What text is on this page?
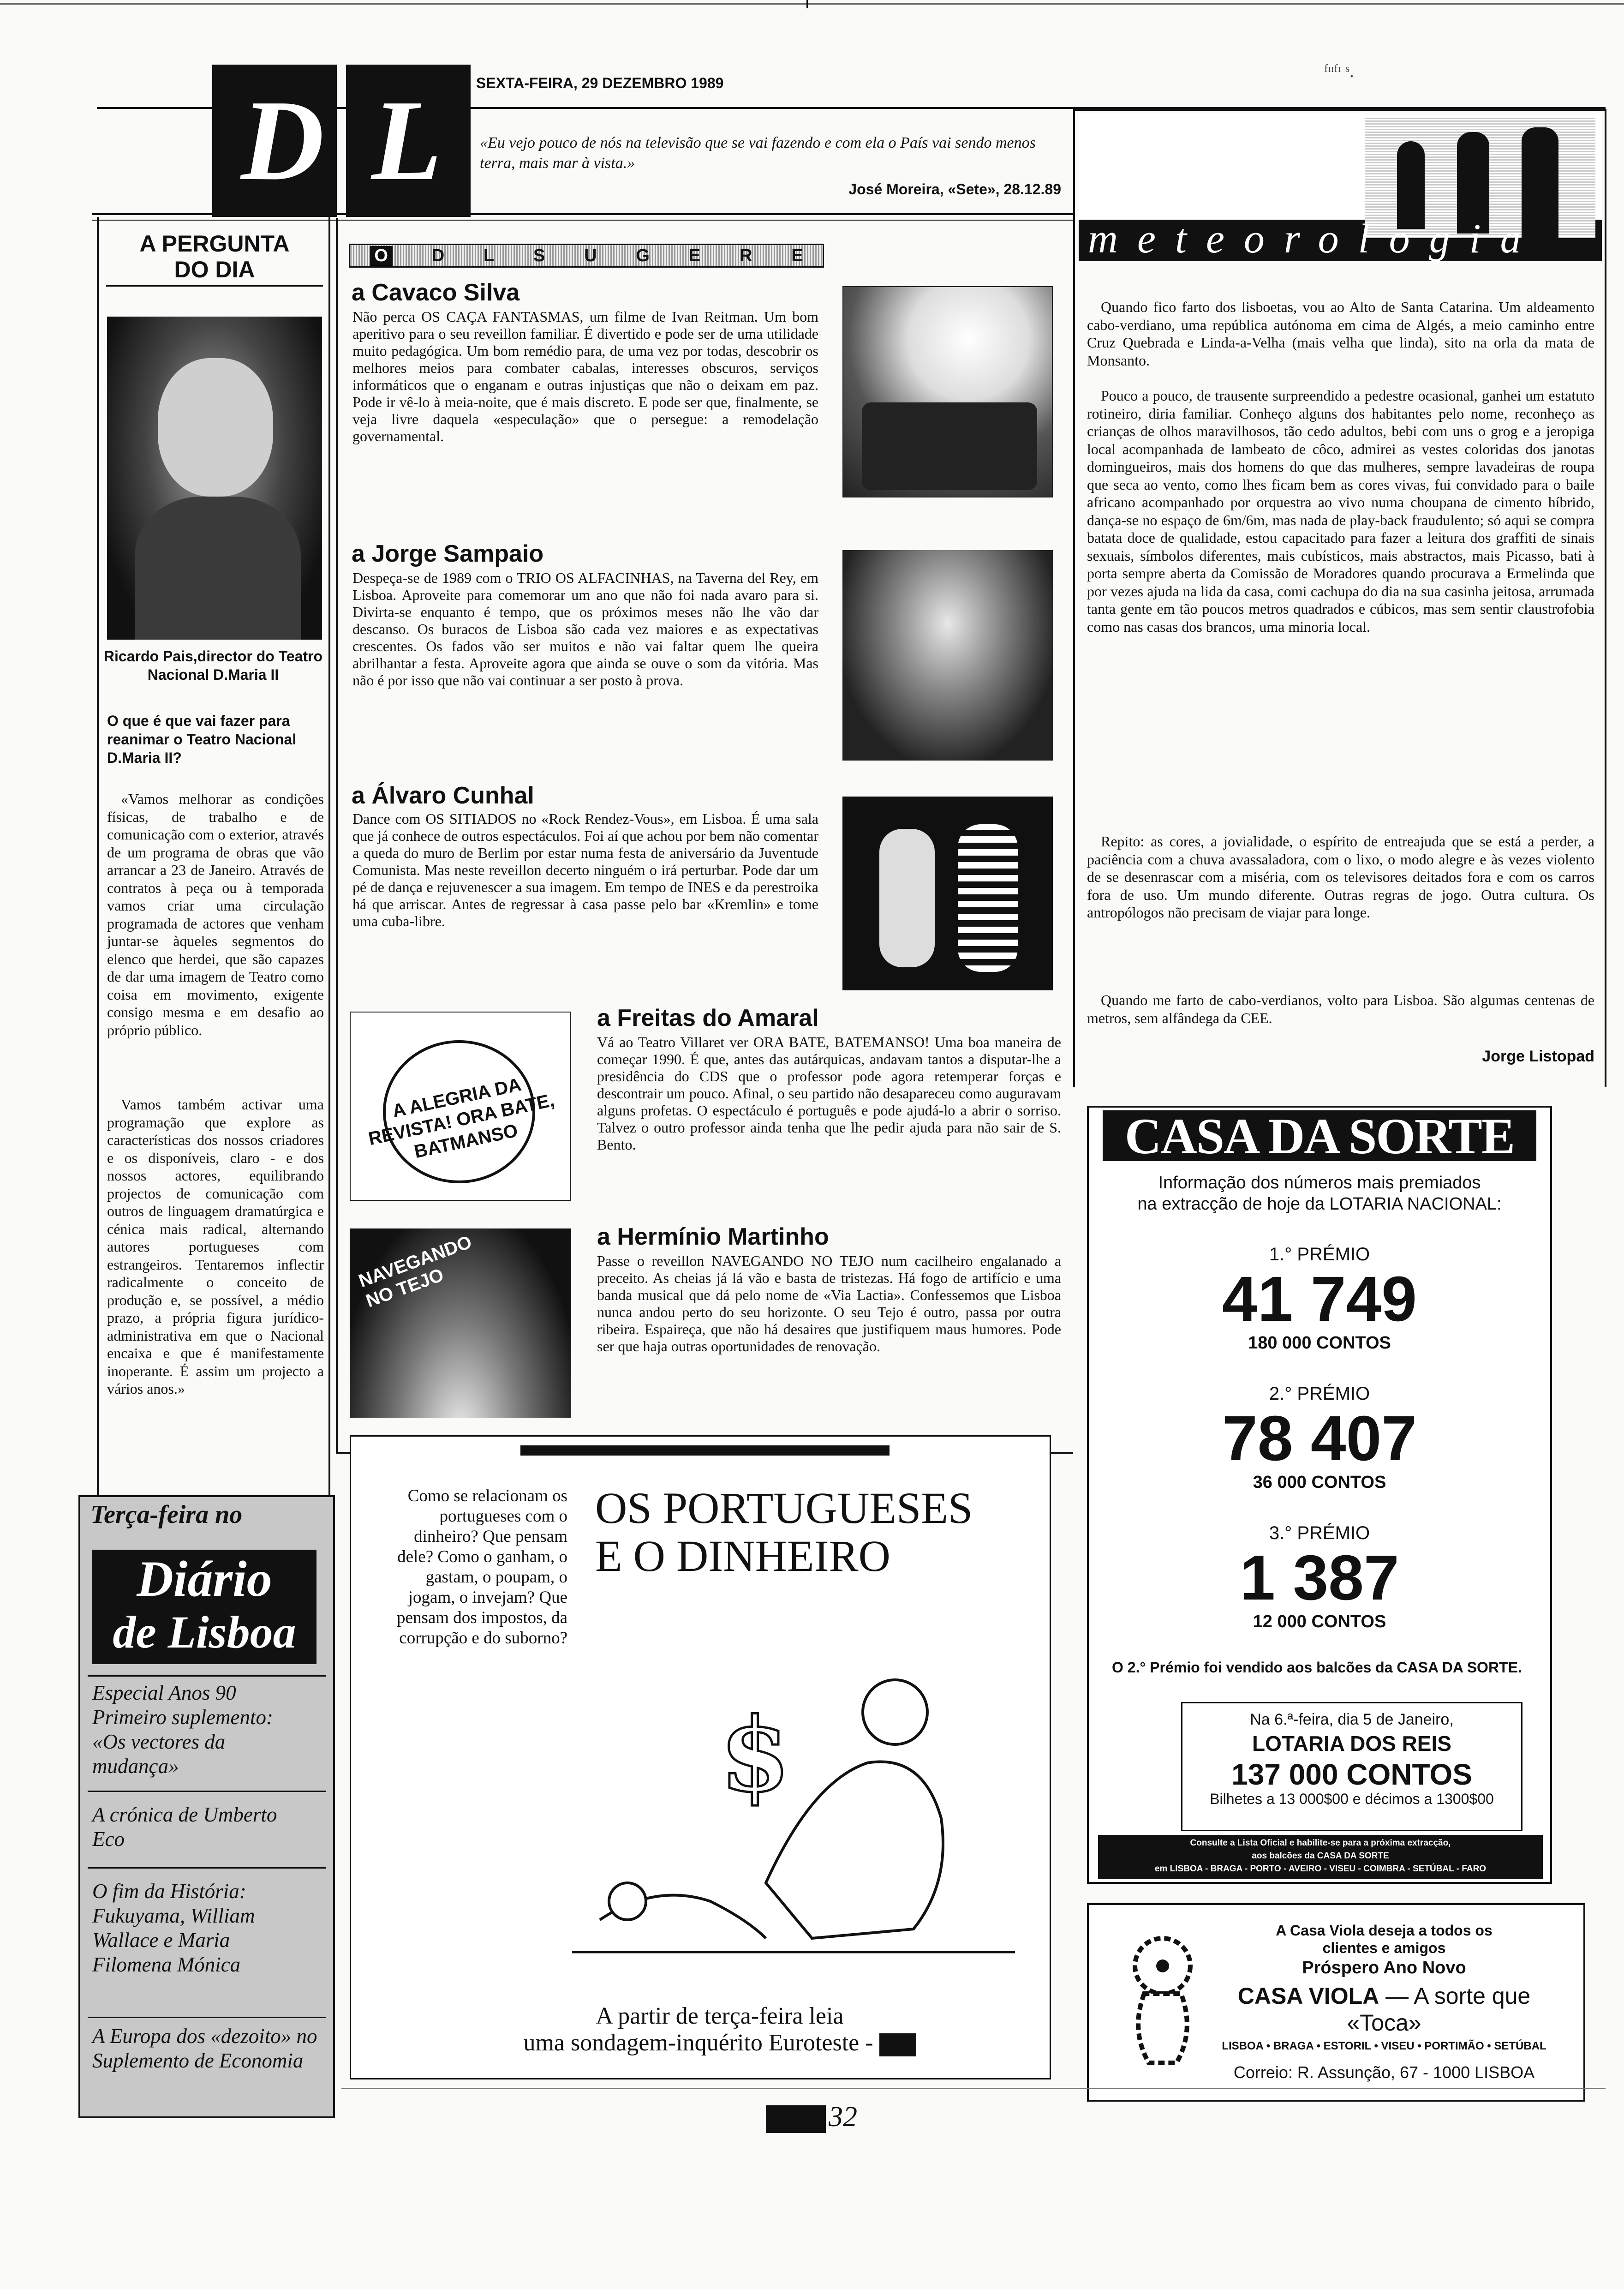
D L	SEXTA-FEIRA, 29 DEZEMBRO 1989
ᶠᶦᶦᶠᶦ ˢ.
«Eu vejo pouco de nós na televisão que se vai fazendo e com ela o País vai sendo menos terra, mais mar à vista.»
José Moreira, «Sete», 28.12.89
A PERGUNTA
DO DIA
Ricardo Pais,director do Teatro Nacional D.Maria II
O que é que vai fazer para reanimar o Teatro Nacional D.Maria II?
«Vamos melhorar as condições físicas, de trabalho e de comunicação com o exterior, através de um programa de obras que vão arrancar a 23 de Janeiro. Através de contratos à peça ou à temporada vamos criar uma circulação programada de actores que venham juntar-se àqueles segmentos do elenco que herdei, que são capazes de dar uma imagem de Teatro como coisa em movimento, exigente consigo mesma e em desafio ao próprio público.
Vamos também activar uma programação que explore as características dos nossos criadores e os disponíveis, claro - e dos nossos actores, equilibrando projectos de comunicação com outros de linguagem dramatúrgica e cénica mais radical, alternando autores portugueses com estrangeiros. Tentaremos inflectir radicalmente o conceito de produção e, se possível, a médio prazo, a própria figura jurídico-administrativa em que o Nacional encaixa e que é manifestamente inoperante. É assim um projecto a vários anos.»
Terça-feira no
Diário
de Lisboa
Especial Anos 90 Primeiro suplemento: «Os vectores da mudança»
A crónica de Umberto Eco
O fim da História: Fukuyama, William Wallace e Maria Filomena Mónica
A Europa dos «dezoito» no Suplemento de Economia
O D L S U G E R E
a Cavaco Silva
Não perca OS CAÇA FANTASMAS, um filme de Ivan Reitman. Um bom aperitivo para o seu reveillon familiar. É divertido e pode ser de uma utilidade muito pedagógica. Um bom remédio para, de uma vez por todas, descobrir os melhores meios para combater cabalas, interesses obscuros, serviços informáticos que o enganam e outras injustiças que não o deixam em paz. Pode ir vê-lo à meia-noite, que é mais discreto. E pode ser que, finalmente, se veja livre daquela «especulação» que o persegue: a remodelação governamental.
a Jorge Sampaio
Despeça-se de 1989 com o TRIO OS ALFACINHAS, na Taverna del Rey, em Lisboa. Aproveite para comemorar um ano que não foi nada avaro para si. Divirta-se enquanto é tempo, que os próximos meses não lhe vão dar descanso. Os buracos de Lisboa são cada vez maiores e as expectativas crescentes. Os fados vão ser muitos e não vai faltar quem lhe queira abrilhantar a festa. Aproveite agora que ainda se ouve o som da vitória. Mas não é por isso que não vai continuar a ser posto à prova.
a Álvaro Cunhal
Dance com OS SITIADOS no «Rock Rendez-Vous», em Lisboa. É uma sala que já conhece de outros espectáculos. Foi aí que achou por bem não comentar a queda do muro de Berlim por estar numa festa de aniversário da Juventude Comunista. Mas neste reveillon decerto ninguém o irá perturbar. Pode dar um pé de dança e rejuvenescer a sua imagem. Em tempo de INES e da perestroika há que arriscar. Antes de regressar à casa passe pelo bar «Kremlin» e tome uma cuba-libre.
A ALEGRIA DA REVISTA! ORA BATE, BATMANSO
a Freitas do Amaral
Vá ao Teatro Villaret ver ORA BATE, BATEMANSO! Uma boa maneira de começar 1990. É que, antes das autárquicas, andavam tantos a disputar-lhe a presidência do CDS que o professor pode agora retemperar forças e descontrair um pouco. Afinal, o seu partido não desapareceu como auguravam alguns profetas. O espectáculo é português e pode ajudá-lo a abrir o sorriso. Talvez o outro professor ainda tenha que lhe pedir ajuda para não sair de S. Bento.
NAVEGANDO NO TEJO
a Hermínio Martinho
Passe o reveillon NAVEGANDO NO TEJO num cacilheiro engalanado a preceito. As cheias já lá vão e basta de tristezas. Há fogo de artifício e uma banda musical que dá pelo nome de «Via Lactia». Confessemos que Lisboa nunca andou perto do seu horizonte. O seu Tejo é outro, passa por outra ribeira. Espaireça, que não há desaires que justifiquem maus humores. Pode ser que haja outras oportunidades de renovação.
Como se relacionam os portugueses com o dinheiro? Que pensam dele? Como o ganham, o gastam, o poupam, o jogam, o invejam? Que pensam dos impostos, da corrupção e do suborno?
OS PORTUGUESES
E O DINHEIRO
$
A partir de terça-feira leia
uma sondagem-inquérito Euroteste -
meteorologia
Quando fico farto dos lisboetas, vou ao Alto de Santa Catarina. Um aldeamento cabo-verdiano, uma república autónoma em cima de Algés, a meio caminho entre Cruz Quebrada e Linda-a-Velha (mais velha que linda), sito na orla da mata de Monsanto.
Pouco a pouco, de trausente surpreendido a pedestre ocasional, ganhei um estatuto rotineiro, diria familiar. Conheço alguns dos habitantes pelo nome, reconheço as crianças de olhos maravilhosos, tão cedo adultos, bebi com uns o grog e a jeropiga local acompanhada de lambeato de côco, admirei as vestes coloridas dos janotas domingueiros, mais dos homens do que das mulheres, sempre lavadeiras de roupa que seca ao vento, como lhes ficam bem as cores vivas, fui convidado para o baile africano acompanhado por orquestra ao vivo numa choupana de cimento híbrido, dança-se no espaço de 6m/6m, mas nada de play-back fraudulento; só aqui se compra batata doce de qualidade, estou capacitado para fazer a leitura dos graffiti de sinais sexuais, símbolos diferentes, mais cubísticos, mais abstractos, mais Picasso, bati à porta sempre aberta da Comissão de Moradores quando procurava a Ermelinda que por vezes ajuda na lida da casa, comi cachupa do dia na sua casinha jeitosa, arrumada tanta gente em tão poucos metros quadrados e cúbicos, mas sem sentir claustrofobia como nas casas dos brancos, uma minoria local.
Repito: as cores, a jovialidade, o espírito de entreajuda que se está a perder, a paciência com a chuva avassaladora, com o lixo, o modo alegre e às vezes violento de se desenrascar com a miséria, com os televisores deitados fora e com os carros fora de uso. Um mundo diferente. Outras regras de jogo. Outra cultura. Os antropólogos não precisam de viajar para longe.
Quando me farto de cabo-verdianos, volto para Lisboa. São algumas centenas de metros, sem alfândega da CEE.
Jorge Listopad
CASA DA SORTE
Informação dos números mais premiados
na extracção de hoje da LOTARIA NACIONAL:
1.° PRÉMIO
41 749
180 000 CONTOS
2.° PRÉMIO
78 407
36 000 CONTOS
3.° PRÉMIO
1 387
12 000 CONTOS
O 2.° Prémio foi vendido aos balcões da CASA DA SORTE.
Na 6.ª-feira, dia 5 de Janeiro,
LOTARIA DOS REIS
137 000 CONTOS
Bilhetes a 13 000$00 e décimos a 1300$00
Consulte a Lista Oficial e habilite-se para a próxima extracção,
aos balcões da CASA DA SORTE
em LISBOA - BRAGA - PORTO - AVEIRO - VISEU - COIMBRA - SETÚBAL - FARO
A Casa Viola deseja a todos os
clientes e amigos
Próspero Ano Novo
CASA VIOLA — A sorte que
«Toca»
LISBOA • BRAGA • ESTORIL • VISEU • PORTIMÃO • SETÚBAL
Correio: R. Assunção, 67 - 1000 LISBOA
32
